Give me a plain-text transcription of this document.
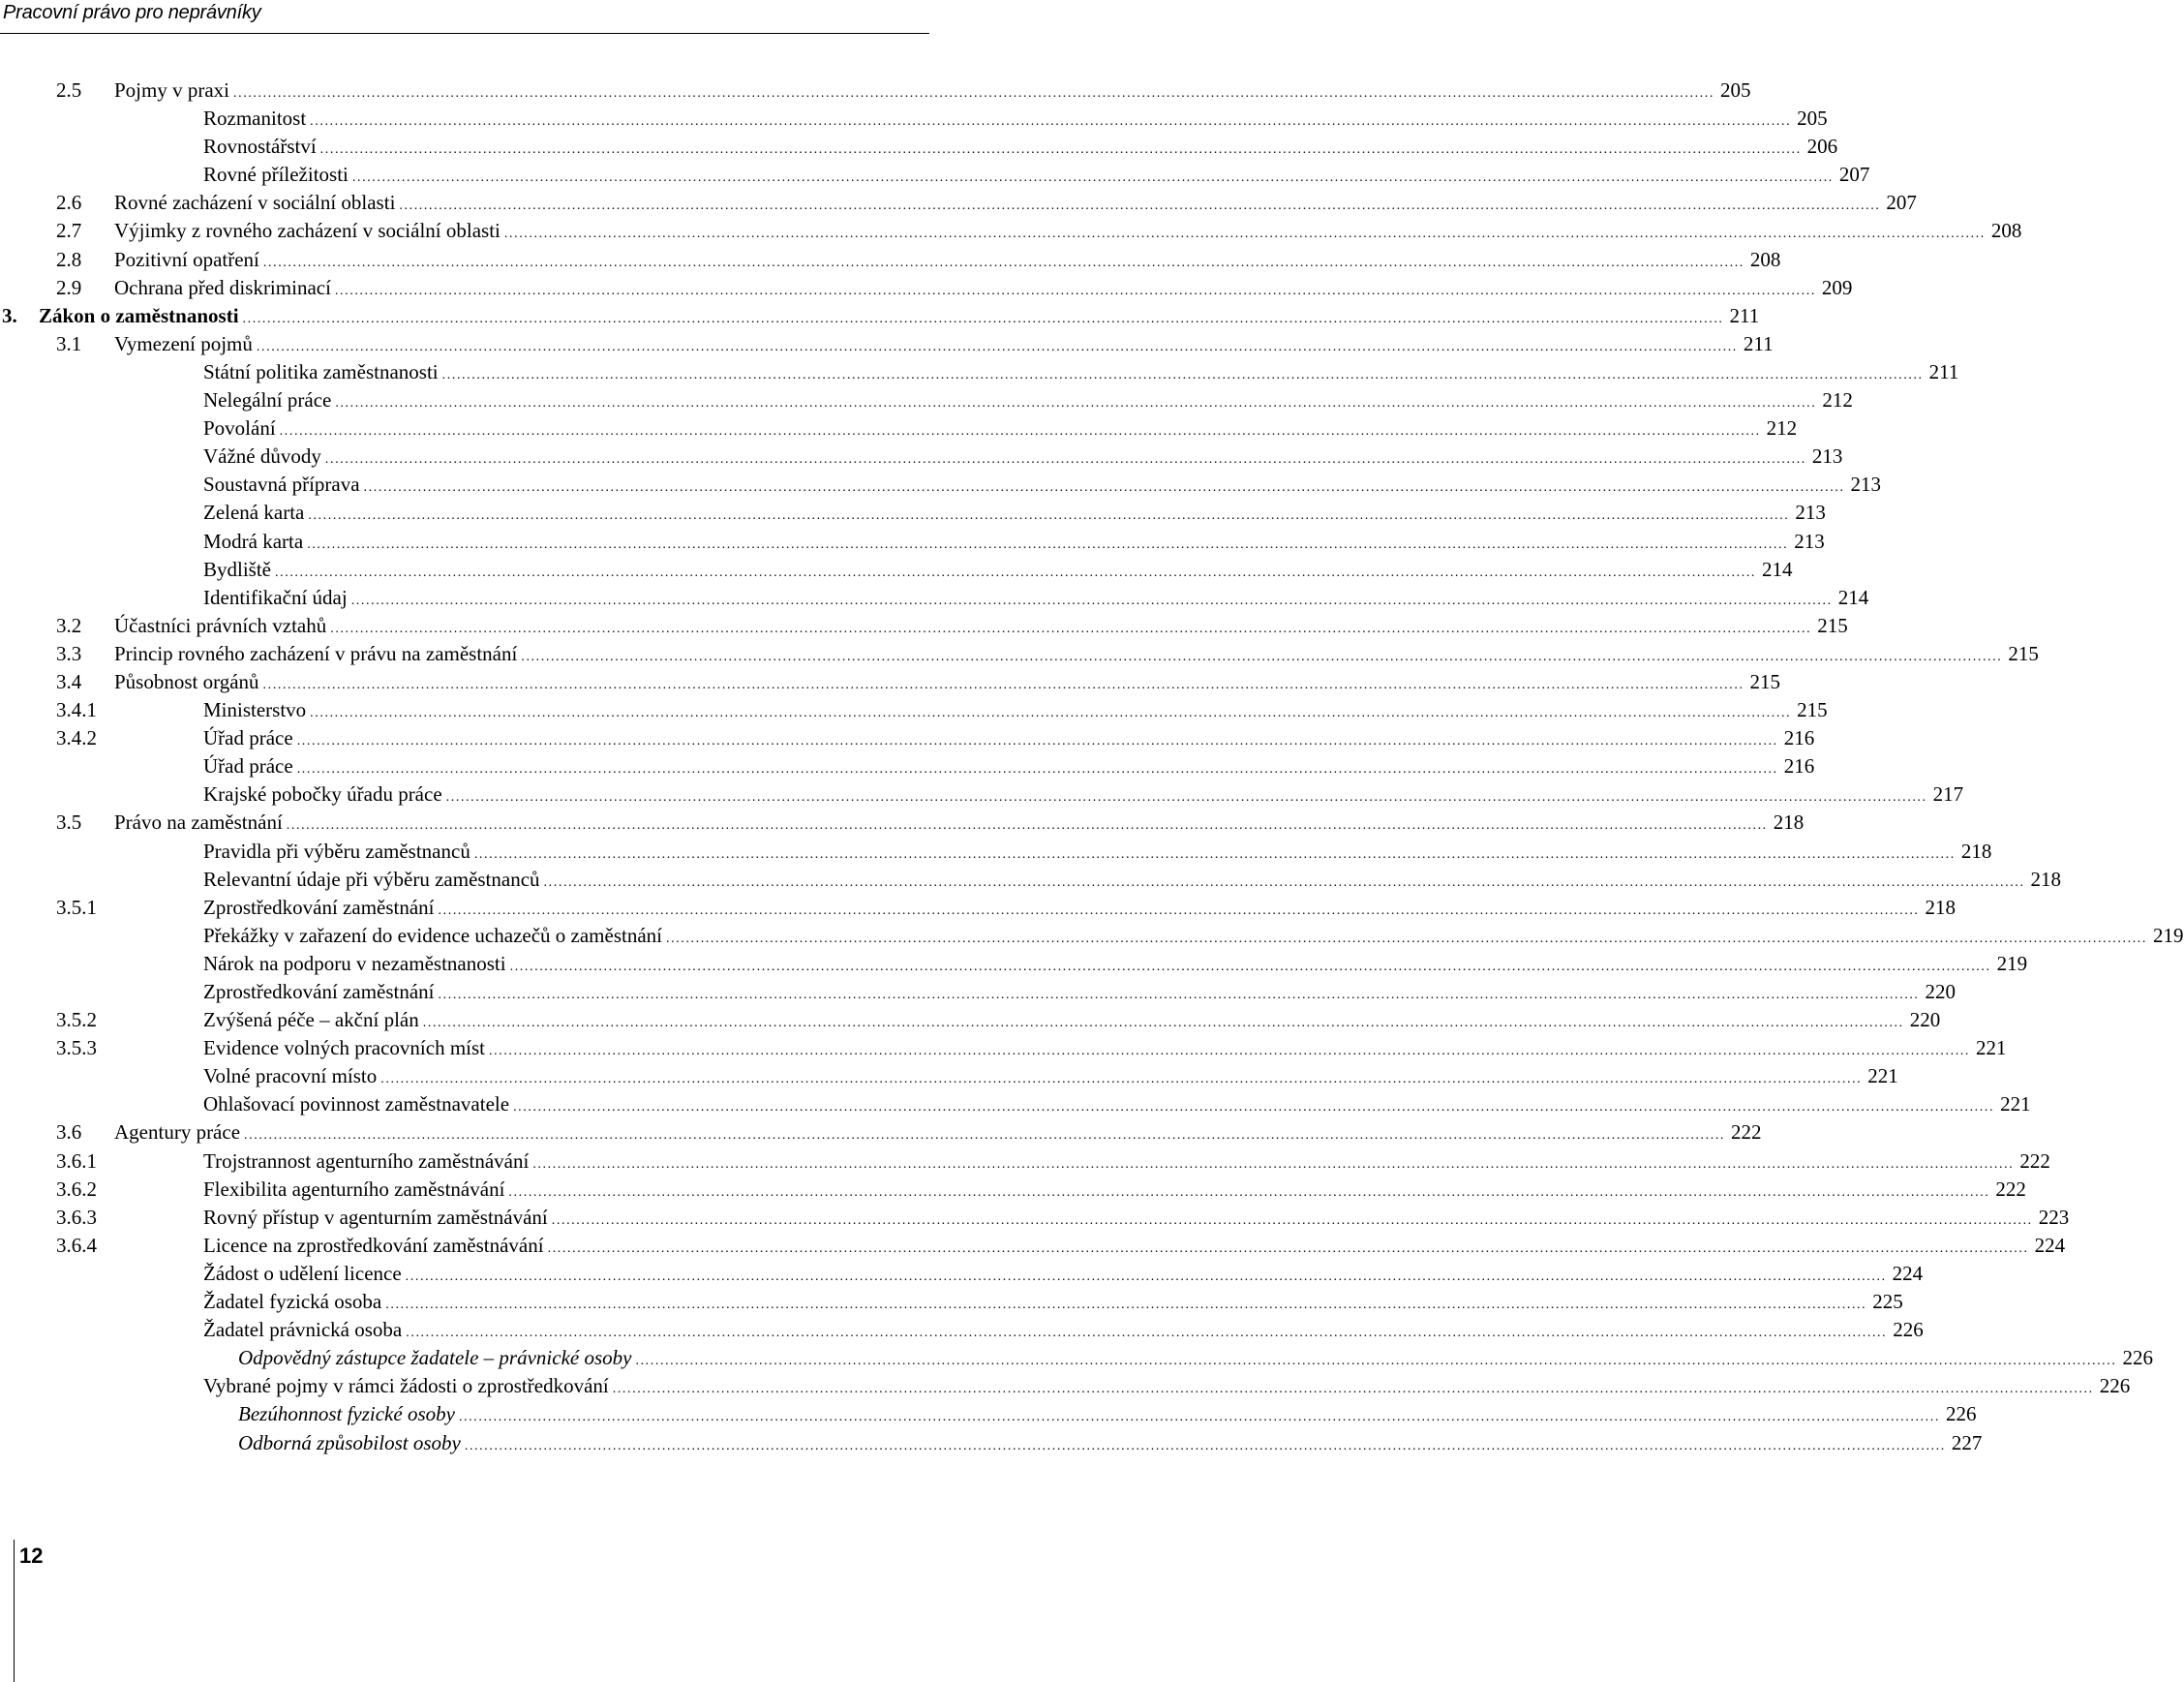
Pracovní právo pro neprávníky
2.5 Pojmy v praxi ............................................................................................................................................................................................................................................................................................................ 205
Rozmanitost ............................................................................................................................................................................................................................................................................................................ 205
Rovnostářství ............................................................................................................................................................................................................................................................................................................ 206
Rovné příležitosti ............................................................................................................................................................................................................................................................................................................ 207
2.6 Rovné zacházení v sociální oblasti ............................................................................................................................................................................................................................................................................................................ 207
2.7 Výjimky z rovného zacházení v sociální oblasti ............................................................................................................................................................................................................................................................................................................ 208
2.8 Pozitivní opatření ............................................................................................................................................................................................................................................................................................................ 208
2.9 Ochrana před diskriminací ............................................................................................................................................................................................................................................................................................................ 209
3. Zákon o zaměstnanosti ............................................................................................................................................................................................................................................................................................................ 211
3.1 Vymezení pojmů ............................................................................................................................................................................................................................................................................................................ 211
Státní politika zaměstnanosti ............................................................................................................................................................................................................................................................................................................ 211
Nelegální práce ............................................................................................................................................................................................................................................................................................................ 212
Povolání ............................................................................................................................................................................................................................................................................................................ 212
Vážné důvody ............................................................................................................................................................................................................................................................................................................ 213
Soustavná příprava ............................................................................................................................................................................................................................................................................................................ 213
Zelená karta ............................................................................................................................................................................................................................................................................................................ 213
Modrá karta ............................................................................................................................................................................................................................................................................................................ 213
Bydliště ............................................................................................................................................................................................................................................................................................................ 214
Identifikační údaj ............................................................................................................................................................................................................................................................................................................ 214
3.2 Účastníci právních vztahů ............................................................................................................................................................................................................................................................................................................ 215
3.3 Princip rovného zacházení v právu na zaměstnání ............................................................................................................................................................................................................................................................................................................ 215
3.4 Působnost orgánů ............................................................................................................................................................................................................................................................................................................ 215
3.4.1	Ministerstvo ............................................................................................................................................................................................................................................................................................................ 215
3.4.2	Úřad práce ............................................................................................................................................................................................................................................................................................................ 216
Úřad práce ............................................................................................................................................................................................................................................................................................................ 216
Krajské pobočky úřadu práce ............................................................................................................................................................................................................................................................................................................ 217
3.5 Právo na zaměstnání ............................................................................................................................................................................................................................................................................................................ 218
Pravidla při výběru zaměstnanců ............................................................................................................................................................................................................................................................................................................ 218
Relevantní údaje při výběru zaměstnanců ............................................................................................................................................................................................................................................................................................................ 218
3.5.1	Zprostředkování zaměstnání ............................................................................................................................................................................................................................................................................................................ 218
Překážky v zařazení do evidence uchazečů o zaměstnání ............................................................................................................................................................................................................................................................................................................ 219
Nárok na podporu v nezaměstnanosti ............................................................................................................................................................................................................................................................................................................ 219
Zprostředkování zaměstnání ............................................................................................................................................................................................................................................................................................................ 220
3.5.2	Zvýšená péče – akční plán ............................................................................................................................................................................................................................................................................................................ 220
3.5.3	Evidence volných pracovních míst ............................................................................................................................................................................................................................................................................................................ 221
Volné pracovní místo ............................................................................................................................................................................................................................................................................................................ 221
Ohlašovací povinnost zaměstnavatele ............................................................................................................................................................................................................................................................................................................ 221
3.6 Agentury práce ............................................................................................................................................................................................................................................................................................................ 222
3.6.1	Trojstrannost agenturního zaměstnávání ............................................................................................................................................................................................................................................................................................................ 222
3.6.2	Flexibilita agenturního zaměstnávání ............................................................................................................................................................................................................................................................................................................ 222
3.6.3	Rovný přístup v agenturním zaměstnávání ............................................................................................................................................................................................................................................................................................................ 223
3.6.4	Licence na zprostředkování zaměstnávání ............................................................................................................................................................................................................................................................................................................ 224
Žádost o udělení licence ............................................................................................................................................................................................................................................................................................................ 224
Žadatel fyzická osoba ............................................................................................................................................................................................................................................................................................................ 225
Žadatel právnická osoba ............................................................................................................................................................................................................................................................................................................ 226
Odpovědný zástupce žadatele – právnické osoby ............................................................................................................................................................................................................................................................................................................ 226
Vybrané pojmy v rámci žádosti o zprostředkování ............................................................................................................................................................................................................................................................................................................ 226
Bezúhonnost fyzické osoby ............................................................................................................................................................................................................................................................................................................ 226
Odborná způsobilost osoby ............................................................................................................................................................................................................................................................................................................ 227
12
